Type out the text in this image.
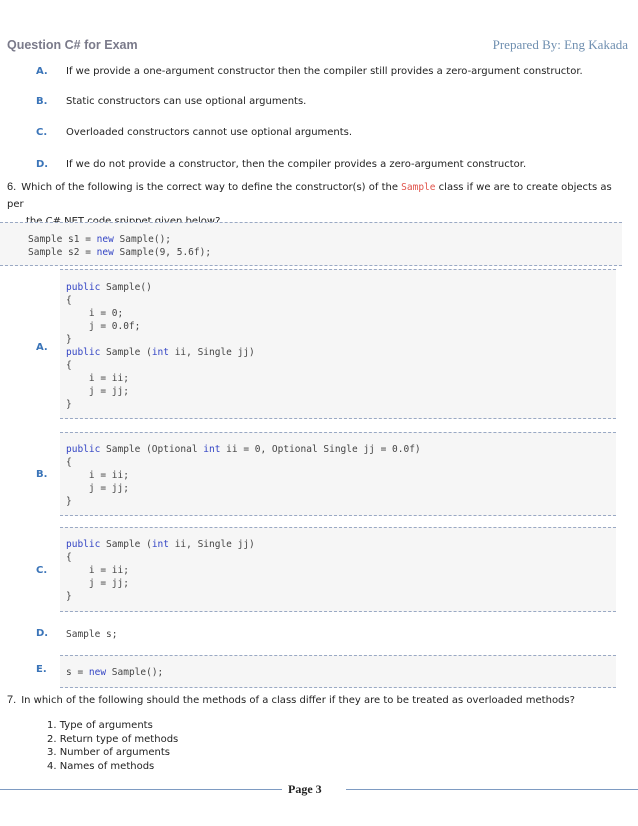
Question C# for Exam	Prepared By: Eng Kakada
A. If we provide a one-argument constructor then the compiler still provides a zero-argument constructor.
B. Static constructors can use optional arguments.
C. Overloaded constructors cannot use optional arguments.
D. If we do not provide a constructor, then the compiler provides a zero-argument constructor.
6. Which of the following is the correct way to define the constructor(s) of the Sample class if we are to create objects as per
Sample s1 = new Sample();
Sample s2 = new Sample(9, 5.6f);
A.
public Sample()
{
i = 0;
j = 0.0f;
}
public Sample (int ii, Single jj)
{
i = ii;
j = jj;
}
B.
public Sample (Optional int ii = 0, Optional Single jj = 0.0f)
{
i = ii;
j = jj;
}
C.
public Sample (int ii, Single jj)
{
i = ii;
j = jj;
}
D. Sample s;
E. s = new Sample();
7. In which of the following should the methods of a class differ if they are to be treated as overloaded methods?
1. Type of arguments
2. Return type of methods
3. Number of arguments
4. Names of methods
Page 3
